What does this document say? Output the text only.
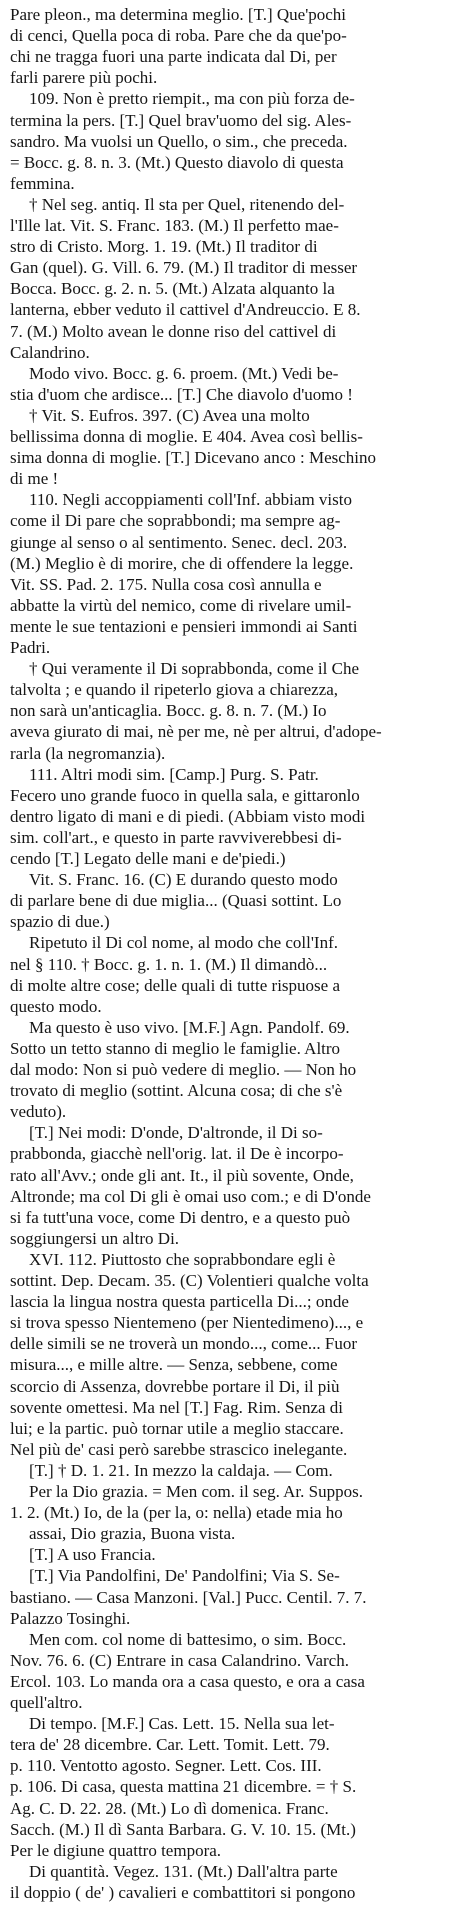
Pare pleon., ma determina meglio. [T.] Que'pochi
di cenci, Quella poca di roba. Pare che da que'po-
chi ne tragga fuori una parte indicata dal Di, per
farli parere più pochi.
109. Non è pretto riempit., ma con più forza de-
termina la pers. [T.] Quel brav'uomo del sig. Ales-
sandro. Ma vuolsi un Quello, o sim., che preceda.
= Bocc. g. 8. n. 3. (Mt.) Questo diavolo di questa
femmina.
† Nel seg. antiq. Il sta per Quel, ritenendo del-
l'Ille lat. Vit. S. Franc. 183. (M.) Il perfetto mae-
stro di Cristo. Morg. 1. 19. (Mt.) Il traditor di
Gan (quel). G. Vill. 6. 79. (M.) Il traditor di messer
Bocca. Bocc. g. 2. n. 5. (Mt.) Alzata alquanto la
lanterna, ebber veduto il cattivel d'Andreuccio. E 8.
7. (M.) Molto avean le donne riso del cattivel di
Calandrino.
Modo vivo. Bocc. g. 6. proem. (Mt.) Vedi be-
stia d'uom che ardisce... [T.] Che diavolo d'uomo !
† Vit. S. Eufros. 397. (C) Avea una molto
bellissima donna di moglie. E 404. Avea così bellis-
sima donna di moglie. [T.] Dicevano anco : Meschino
di me !
110. Negli accoppiamenti coll'Inf. abbiam visto
come il Di pare che soprabbondi; ma sempre ag-
giunge al senso o al sentimento. Senec. decl. 203.
(M.) Meglio è di morire, che di offendere la legge.
Vit. SS. Pad. 2. 175. Nulla cosa così annulla e
abbatte la virtù del nemico, come di rivelare umil-
mente le sue tentazioni e pensieri immondi ai Santi
Padri.
† Qui veramente il Di soprabbonda, come il Che
talvolta ; e quando il ripeterlo giova a chiarezza,
non sarà un'anticaglia. Bocc. g. 8. n. 7. (M.) Io
aveva giurato di mai, nè per me, nè per altrui, d'adope-
rarla (la negromanzia).
111. Altri modi sim. [Camp.] Purg. S. Patr.
Fecero uno grande fuoco in quella sala, e gittaronlo
dentro ligato di mani e di piedi. (Abbiam visto modi
sim. coll'art., e questo in parte ravviverebbesi di-
cendo [T.] Legato delle mani e de'piedi.)
Vit. S. Franc. 16. (C) E durando questo modo
di parlare bene di due miglia... (Quasi sottint. Lo
spazio di due.)
Ripetuto il Di col nome, al modo che coll'Inf.
nel § 110. † Bocc. g. 1. n. 1. (M.) Il dimandò...
di molte altre cose; delle quali di tutte rispuose a
questo modo.
Ma questo è uso vivo. [M.F.] Agn. Pandolf. 69.
Sotto un tetto stanno di meglio le famiglie. Altro
dal modo: Non si può vedere di meglio. — Non ho
trovato di meglio (sottint. Alcuna cosa; di che s'è
veduto).
[T.] Nei modi: D'onde, D'altronde, il Di so-
prabbonda, giacchè nell'orig. lat. il De è incorpo-
rato all'Avv.; onde gli ant. It., il più sovente, Onde,
Altronde; ma col Di gli è omai uso com.; e di D'onde
si fa tutt'una voce, come Di dentro, e a questo può
soggiungersi un altro Di.
XVI. 112. Piuttosto che soprabbondare egli è
sottint. Dep. Decam. 35. (C) Volentieri qualche volta
lascia la lingua nostra questa particella Di...; onde
si trova spesso Nientemeno (per Nientedimeno)..., e
delle simili se ne troverà un mondo..., come... Fuor
misura..., e mille altre. — Senza, sebbene, come
scorcio di Assenza, dovrebbe portare il Di, il più
sovente omettesi. Ma nel [T.] Fag. Rim. Senza di
lui; e la partic. può tornar utile a meglio staccare.
Nel più de' casi però sarebbe strascico inelegante.
[T.] † D. 1. 21. In mezzo la caldaja. — Com.
Per la Dio grazia. = Men com. il seg. Ar. Suppos.
1. 2. (Mt.) Io, de la (per la, o: nella) etade mia ho
assai, Dio grazia, Buona vista.
[T.] A uso Francia.
[T.] Via Pandolfini, De' Pandolfini; Via S. Se-
bastiano. — Casa Manzoni. [Val.] Pucc. Centil. 7. 7.
Palazzo Tosinghi.
Men com. col nome di battesimo, o sim. Bocc.
Nov. 76. 6. (C) Entrare in casa Calandrino. Varch.
Ercol. 103. Lo manda ora a casa questo, e ora a casa
quell'altro.
Di tempo. [M.F.] Cas. Lett. 15. Nella sua let-
tera de' 28 dicembre. Car. Lett. Tomit. Lett. 79.
p. 110. Ventotto agosto. Segner. Lett. Cos. III.
p. 106. Di casa, questa mattina 21 dicembre. = † S.
Ag. C. D. 22. 28. (Mt.) Lo dì domenica. Franc.
Sacch. (M.) Il dì Santa Barbara. G. V. 10. 15. (Mt.)
Per le digiune quattro tempora.
Di quantità. Vegez. 131. (Mt.) Dall'altra parte
il doppio ( de' ) cavalieri e combattitori si pongono
